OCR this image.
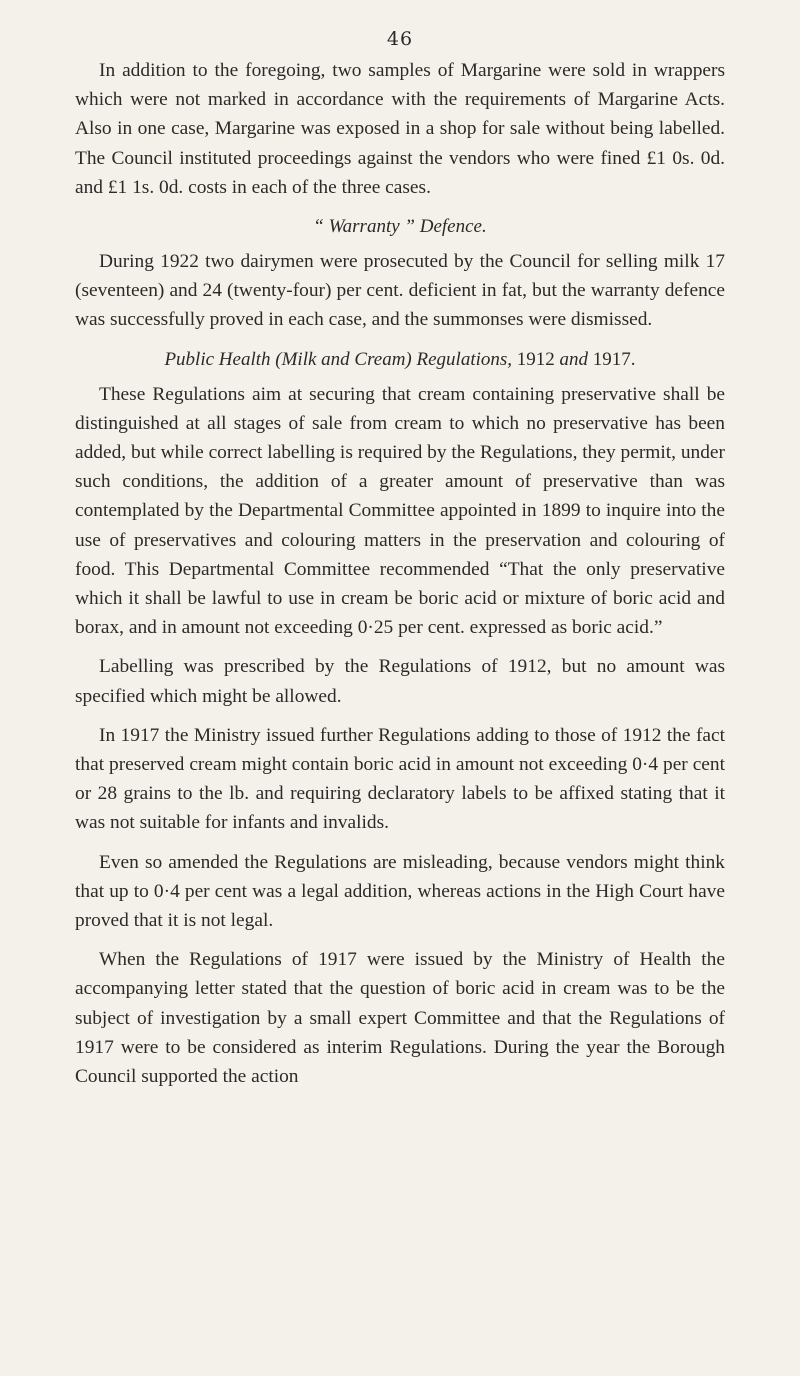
46

In addition to the foregoing, two samples of Margarine were sold in wrappers which were not marked in accordance with the requirements of Margarine Acts. Also in one case, Margarine was exposed in a shop for sale without being labelled. The Council instituted proceedings against the vendors who were fined £1 0s. 0d. and £1 1s. 0d. costs in each of the three cases.

“ Warranty ” Defence.

During 1922 two dairymen were prosecuted by the Council for selling milk 17 (seventeen) and 24 (twenty-four) per cent. deficient in fat, but the warranty defence was successfully proved in each case, and the summonses were dismissed.

Public Health (Milk and Cream) Regulations, 1912 and 1917.

These Regulations aim at securing that cream containing preservative shall be distinguished at all stages of sale from cream to which no preservative has been added, but while correct labelling is required by the Regulations, they permit, under such conditions, the addition of a greater amount of preservative than was contemplated by the Departmental Committee appointed in 1899 to inquire into the use of preservatives and colouring matters in the preservation and colouring of food. This Departmental Committee recommended “That the only preservative which it shall be lawful to use in cream be boric acid or mixture of boric acid and borax, and in amount not exceeding 0·25 per cent. expressed as boric acid.”

Labelling was prescribed by the Regulations of 1912, but no amount was specified which might be allowed.

In 1917 the Ministry issued further Regulations adding to those of 1912 the fact that preserved cream might contain boric acid in amount not exceeding 0·4 per cent or 28 grains to the lb. and requiring declaratory labels to be affixed stating that it was not suitable for infants and invalids.

Even so amended the Regulations are misleading, because vendors might think that up to 0·4 per cent was a legal addition, whereas actions in the High Court have proved that it is not legal.

When the Regulations of 1917 were issued by the Ministry of Health the accompanying letter stated that the question of boric acid in cream was to be the subject of investigation by a small expert Committee and that the Regulations of 1917 were to be considered as interim Regulations. During the year the Borough Council supported the action
